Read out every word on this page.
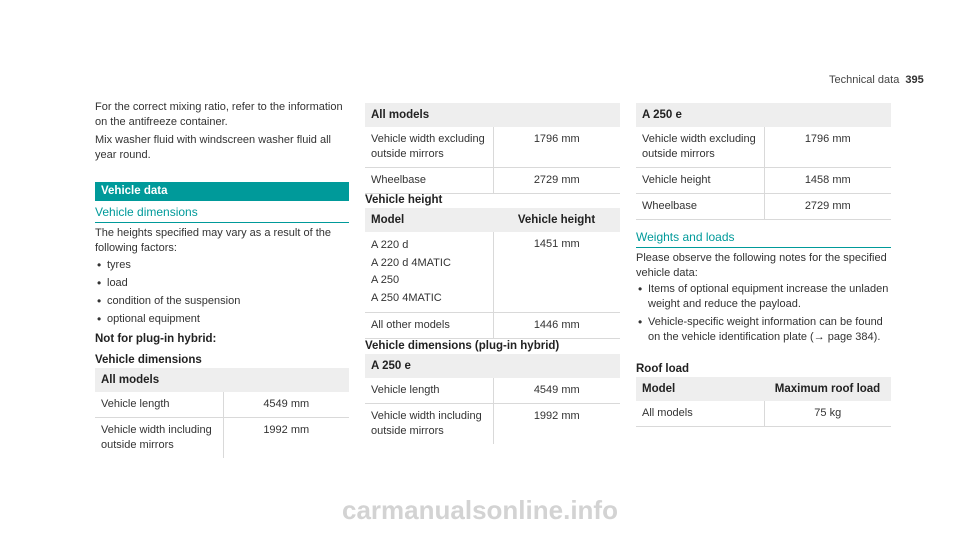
Technical data 395

For the correct mixing ratio, refer to the information on the antifreeze container.

Mix washer fluid with windscreen washer fluid all year round.

Vehicle data
Vehicle dimensions

The heights specified may vary as a result of the following factors:

• tyres
• load
• condition of the suspension
• optional equipment
Not for plug-in hybrid:
Vehicle dimensions
All models	
Vehicle length	4549 mm
Vehicle width including outside mirrors	1992 mm
All models	
Vehicle width excluding outside mirrors	1796 mm
Wheelbase	2729 mm
Vehicle height
Model	Vehicle height

A 220 d
A 220 d 4MATIC
A 250
A 250 4MATIC	1451 mm
All other models	1446 mm
Vehicle dimensions (plug-in hybrid)
A 250 e	
Vehicle length	4549 mm
Vehicle width including outside mirrors	1992 mm
A 250 e	
Vehicle width excluding outside mirrors	1796 mm
Vehicle height	1458 mm
Wheelbase	2729 mm
Weights and loads

Please observe the following notes for the specified vehicle data:

• Items of optional equipment increase the unladen weight and reduce the payload.
• Vehicle-specific weight information can be found on the vehicle identification plate (→ page 384).
Roof load
Model	Maximum roof load
All models	75 kg
carmanualsonline.info
